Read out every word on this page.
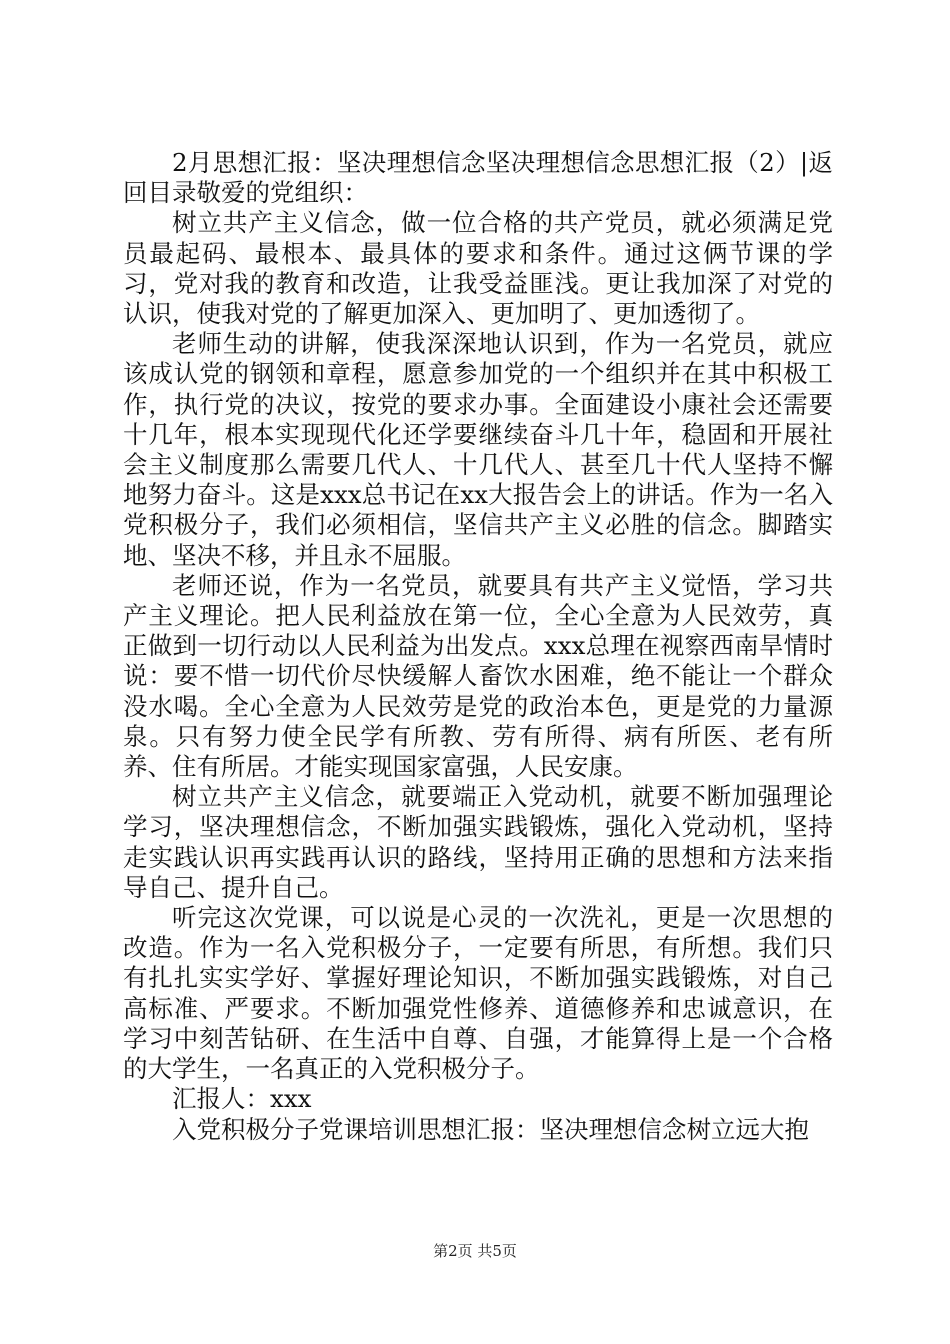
2月思想汇报：坚决理想信念坚决理想信念思想汇报（2）|返回目录敬爱的党组织：

树立共产主义信念，做一位合格的共产党员，就必须满足党员最起码、最根本、最具体的要求和条件。通过这俩节课的学习，党对我的教育和改造，让我受益匪浅。更让我加深了对党的认识，使我对党的了解更加深入、更加明了、更加透彻了。

老师生动的讲解，使我深深地认识到，作为一名党员，就应该成认党的钢领和章程，愿意参加党的一个组织并在其中积极工作，执行党的决议，按党的要求办事。全面建设小康社会还需要十几年，根本实现现代化还学要继续奋斗几十年，稳固和开展社会主义制度那么需要几代人、十几代人、甚至几十代人坚持不懈地努力奋斗。这是xxx总书记在xx大报告会上的讲话。作为一名入党积极分子，我们必须相信，坚信共产主义必胜的信念。脚踏实地、坚决不移，并且永不屈服。

老师还说，作为一名党员，就要具有共产主义觉悟，学习共产主义理论。把人民利益放在第一位，全心全意为人民效劳，真正做到一切行动以人民利益为出发点。xxx总理在视察西南旱情时说：要不惜一切代价尽快缓解人畜饮水困难，绝不能让一个群众没水喝。全心全意为人民效劳是党的政治本色，更是党的力量源泉。只有努力使全民学有所教、劳有所得、病有所医、老有所养、住有所居。才能实现国家富强，人民安康。

树立共产主义信念，就要端正入党动机，就要不断加强理论学习，坚决理想信念，不断加强实践锻炼，强化入党动机，坚持走实践认识再实践再认识的路线，坚持用正确的思想和方法来指导自己、提升自己。

听完这次党课，可以说是心灵的一次洗礼，更是一次思想的改造。作为一名入党积极分子，一定要有所思，有所想。我们只有扎扎实实学好、掌握好理论知识，不断加强实践锻炼，对自己高标准、严要求。不断加强党性修养、道德修养和忠诚意识，在学习中刻苦钻研、在生活中自尊、自强，才能算得上是一个合格的大学生，一名真正的入党积极分子。

汇报人：xxx

入党积极分子党课培训思想汇报：坚决理想信念树立远大抱

第2页 共5页
